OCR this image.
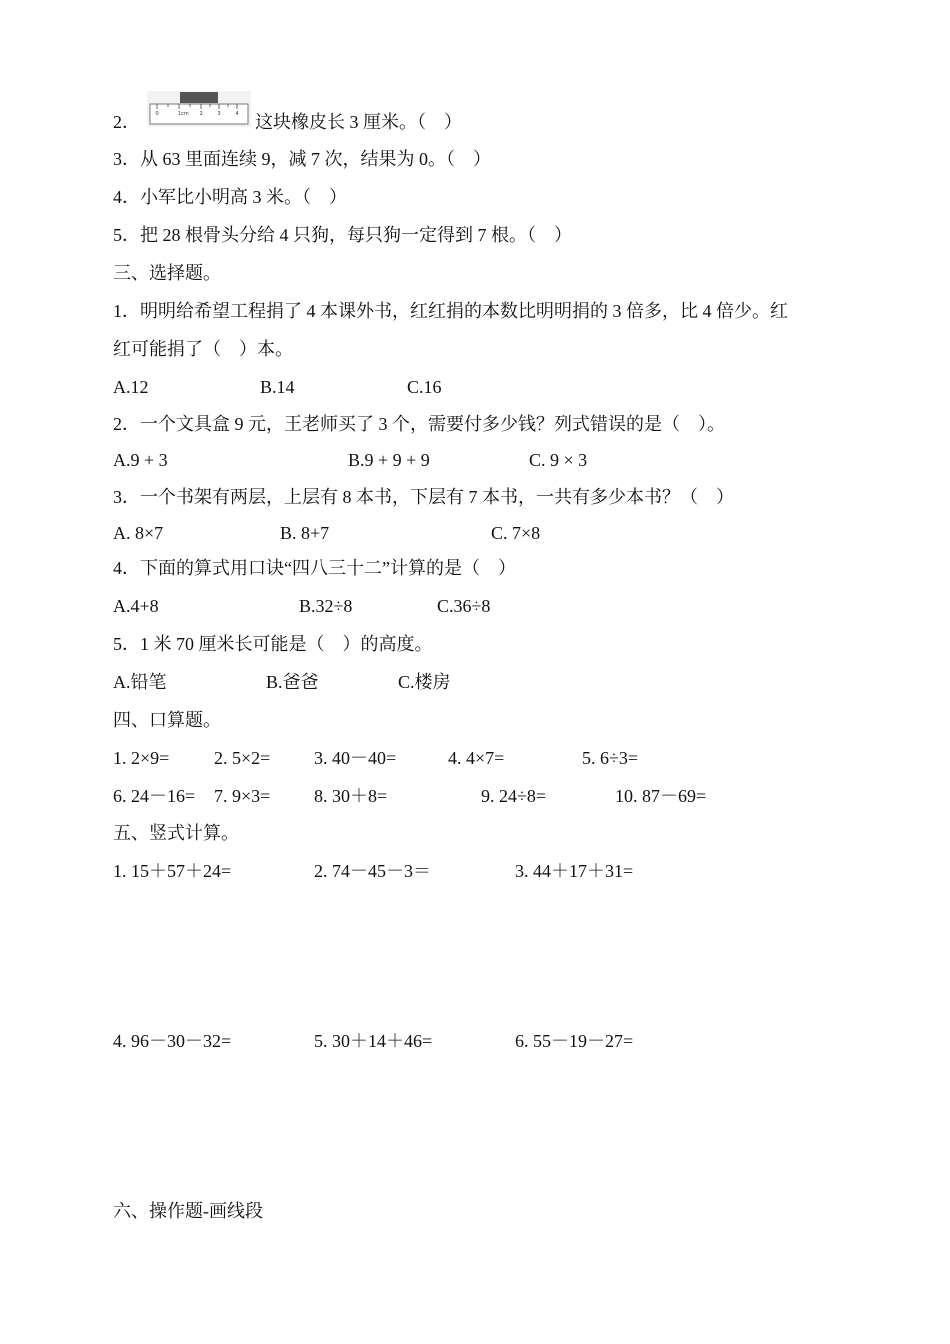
2．	0	1cm 2	3	4 这块橡皮长 3 厘米。（　）
3．从 63 里面连续 9，减 7 次，结果为 0。（　）
4．小军比小明高 3 米。（　）
5．把 28 根骨头分给 4 只狗，每只狗一定得到 7 根。（　）
三、选择题。
1．明明给希望工程捐了 4 本课外书，红红捐的本数比明明捐的 3 倍多，比 4 倍少。红
红可能捐了（　）本。
A.12	B.14	C.16
2．一个文具盒 9 元，王老师买了 3 个，需要付多少钱？列式错误的是（　）。
A.9 + 3	B.9 + 9 + 9	C. 9 × 3
3．一个书架有两层，上层有 8 本书，下层有 7 本书，一共有多少本书？（　）
A. 8×7	B. 8+7	C. 7×8
4．下面的算式用口诀“四八三十二”计算的是（　）
A.4+8	B.32÷8	C.36÷8
5．1 米 70 厘米长可能是（　）的高度。
A.铅笔	B.爸爸	C.楼房
四、口算题。
1. 2×9= 2. 5×2= 3. 40－40=	4. 4×7=	5. 6÷3=
6. 24－16= 7. 9×3= 8. 30＋8=	9. 24÷8=	10. 87－69=
五、竖式计算。
1. 15＋57＋24=	2. 74－45－3＝	3. 44＋17＋31=
4. 96－30－32=	5. 30＋14＋46=	6. 55－19－27=
六、操作题-画线段
